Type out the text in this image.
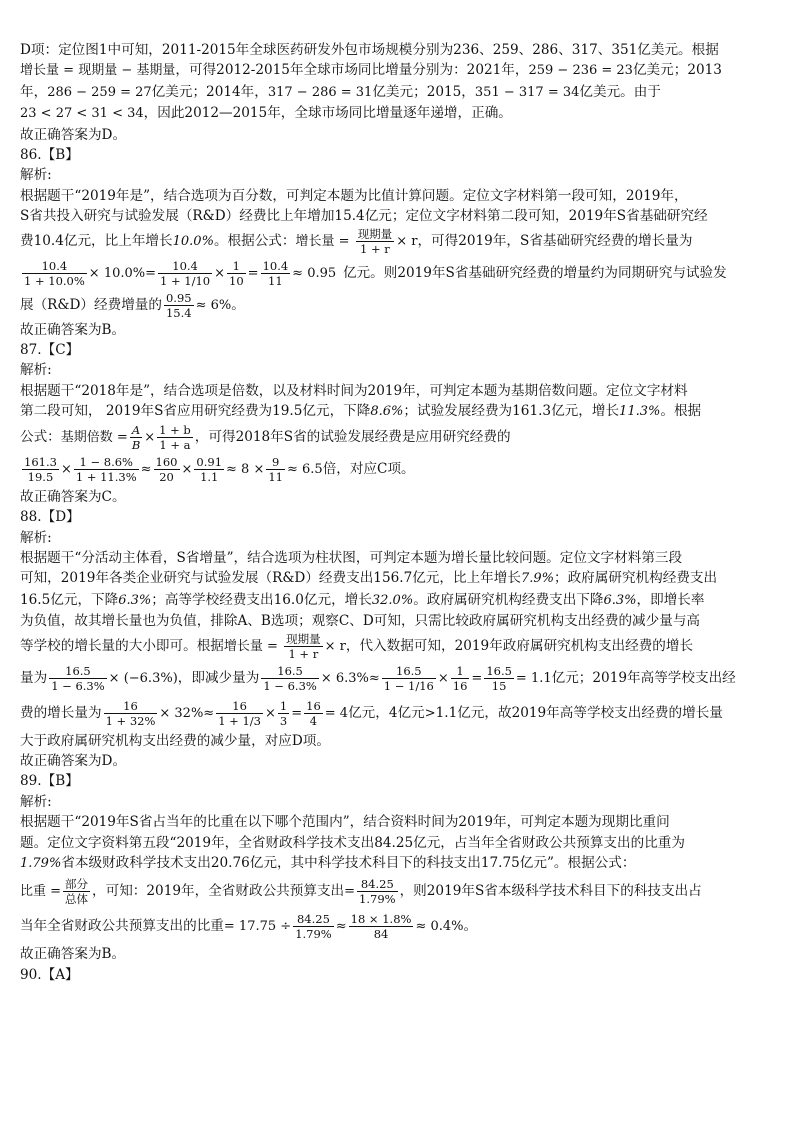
D项：定位图1中可知，2011-2015年全球医药研发外包市场规模分别为236、259、286、317、351亿美元。根据

增长量 = 现期量 − 基期量，可得2012-2015年全球市场同比增量分别为：2021年，259 − 236 = 23亿美元；2013

年，286 − 259 = 27亿美元；2014年，317 − 286 = 31亿美元；2015，351 − 317 = 34亿美元。由于

23 < 27 < 31 < 34，因此2012—2015年，全球市场同比增量逐年递增，正确。

故正确答案为D。

86.【B】

解析:

根据题干“2019年是”，结合选项为百分数，可判定本题为比值计算问题。定位文字材料第一段可知，2019年，

S省共投入研究与试验发展（R&D）经费比上年增加15.4亿元；定位文字材料第二段可知，2019年S省基础研究经

费10.4亿元，比上年增长10.0%。根据公式：增长量 = $\frac{\text{现期量}}{1 + r} \times r$，可得2019年，S省基础研究经费的增长量为

$\frac{10.4}{1 + 10.0\%} \times 10.0\%= \frac{10.4}{1 + 1/10} \times \frac{1}{10} = \frac{10.4}{11} \approx 0.95$ 亿元。则2019年S省基础研究经费的增量约为同期研究与试验发

展（R&D）经费增量的 $\frac{0.95}{15.4} \approx 6\%$。

故正确答案为B。

87.【C】

解析:

根据题干“2018年是”，结合选项是倍数，以及材料时间为2019年，可判定本题为基期倍数问题。定位文字材料

第二段可知， 2019年S省应用研究经费为19.5亿元，下降8.6%；试验发展经费为161.3亿元，增长11.3%。根据

公式：基期倍数 = $\frac{A}{B} \times \frac{1 + b}{1 + a}$ ，可得2018年S省的试验发展经费是应用研究经费的

$\frac{161.3}{19.5} \times \frac{1 - 8.6\%}{1 + 11.3\%} \approx \frac{160}{20} \times \frac{0.91}{1.1} \approx 8 \times \frac{9}{11} \approx 6.5$倍，对应C项。

故正确答案为C。

88.【D】

解析:

根据题干“分活动主体看，S省增量”，结合选项为柱状图，可判定本题为增长量比较问题。定位文字材料第三段

可知，2019年各类企业研究与试验发展（R&D）经费支出156.7亿元，比上年增长7.9%；政府属研究机构经费支出

16.5亿元，下降6.3%；高等学校经费支出16.0亿元，增长32.0%。政府属研究机构经费支出下降6.3%，即增长率

为负值，故其增长量也为负值，排除A、B选项；观察C、D可知，只需比较政府属研究机构支出经费的减少量与高

等学校的增长量的大小即可。根据增长量 = $\frac{\text{现期量}}{1 + r} \times r$，代入数据可知，2019年政府属研究机构支出经费的增长

量为 $\frac{16.5}{1 - 6.3\%} \times (-6.3\%)$，即减少量为 $\frac{16.5}{1 - 6.3\%} \times 6.3\%\approx \frac{16.5}{1 - 1/16} \times \frac{1}{16} = \frac{16.5}{15} = 1.1$亿元；2019年高等学校支出经

费的增长量为 $\frac{16}{1 + 32\%} \times 32\%\approx \frac{16}{1 + 1/3} \times \frac{1}{3} = \frac{16}{4} = 4$亿元，4亿元>1.1亿元，故2019年高等学校支出经费的增长量

大于政府属研究机构支出经费的减少量，对应D项。

故正确答案为D。

89.【B】

解析:

根据题干“2019年S省占当年的比重在以下哪个范围内”，结合资料时间为2019年，可判定本题为现期比重问

题。定位文字资料第五段“2019年，全省财政科学技术支出84.25亿元，占当年全省财政公共预算支出的比重为

1.79%省本级财政科学技术支出20.76亿元，其中科学技术科目下的科技支出17.75亿元”。根据公式：

比重 = $\frac{\text{部分}}{\text{总体}}$ ，可知：2019年，全省财政公共预算支出= $\frac{84.25}{1.79\%}$ ，则2019年S省本级科学技术科目下的科技支出占

当年全省财政公共预算支出的比重= $17.75 \div \frac{84.25}{1.79\%} \approx \frac{18 \times 1.8\%}{84} \approx 0.4\%$。

故正确答案为B。

90.【A】
